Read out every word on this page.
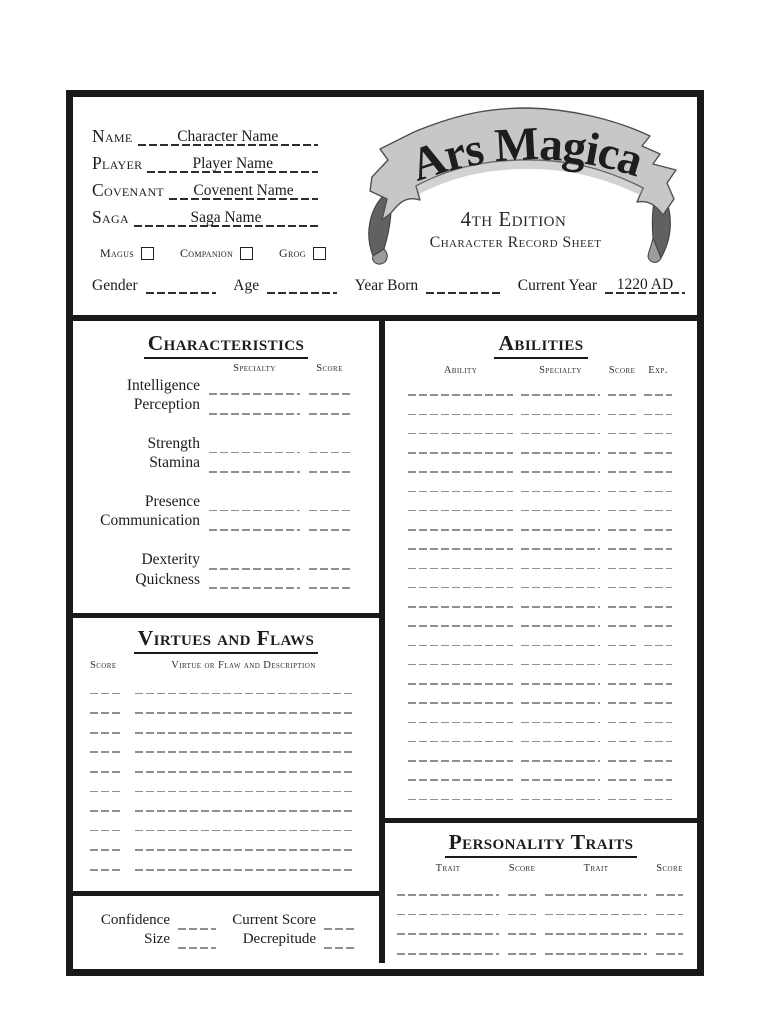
Name	Character Name
Player	Player Name
Covenant Covenent Name
Saga	Saga Name
Magus	Companion	Grog
Gender	Age	Year Born	Current Year 1220 AD
Ars Magica
4th Edition
Character Record Sheet
Characteristics
Specialty	Score
Intelligence
Perception
Strength
Stamina
Presence
Communication
Dexterity
Quickness
Virtues and Flaws
Score	Virtue or Flaw and Description
Confidence	Current Score
Size	Decrepitude
Abilities
Ability	Specialty	Score	Exp.
Personality Traits
Trait	Score	Trait	Score
